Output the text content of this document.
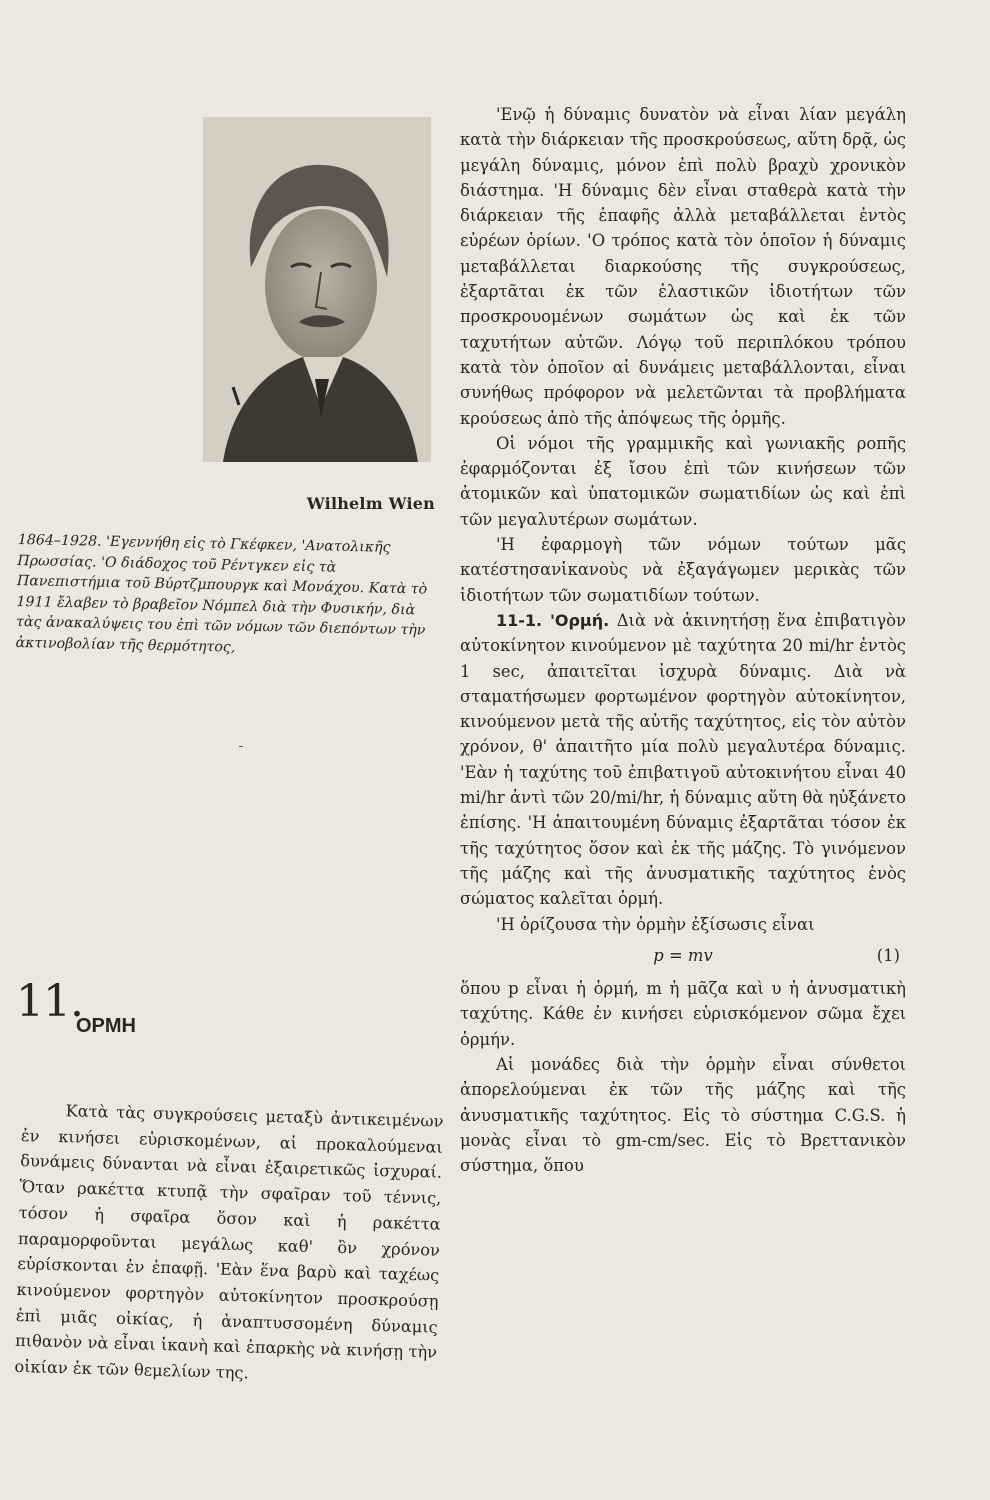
Wilhelm Wien

1864–1928. 'Εγεννήθη εἰς τὸ Γκέφκεν, 'Ανατολικῆς Πρωσσίας. 'Ο διάδοχος τοῦ Ρέντγκεν εἰς τὰ Πανεπιστήμια τοῦ Βύρτζμπουργκ καὶ Μονάχου. Κατὰ τὸ 1911 ἔλαβεν τὸ βραβεῖον Νόμπελ διὰ τὴν Φυσικήν, διὰ τὰς ἀνακαλύψεις του ἐπὶ τῶν νόμων τῶν διεπόντων τὴν ἀκτινοβολίαν τῆς θερμότητος,

11.
ΟΡΜΗ

Κατὰ τὰς συγκρούσεις μεταξὺ ἀντικειμένων ἐν κινήσει εὑρισκομένων, αἱ προκαλούμεναι δυνάμεις δύνανται νὰ εἶναι ἐξαιρετικῶς ἰσχυραί. Ὅταν ρακέττα κτυπᾷ τὴν σφαῖραν τοῦ τέννις, τόσον ἡ σφαῖρα ὅσον καὶ ἡ ρακέττα παραμορφοῦνται μεγάλως καθ' ὃν χρόνον εὑρίσκονται ἐν ἐπαφῇ. 'Εὰν ἕνα βαρὺ καὶ ταχέως κινούμενον φορτηγὸν αὐτοκίνητον προσκρούσῃ ἐπὶ μιᾶς οἰκίας, ἡ ἀναπτυσσομένη δύναμις πιθανὸν νὰ εἶναι ἱκανὴ καὶ ἐπαρκὴς νὰ κινήσῃ τὴν οἰκίαν ἐκ τῶν θεμελίων της.

'Ενῷ ἡ δύναμις δυνατὸν νὰ εἶναι λίαν μεγάλη κατὰ τὴν διάρκειαν τῆς προσκρούσεως, αὕτη δρᾷ, ὡς μεγάλη δύναμις, μόνον ἐπὶ πολὺ βραχὺ χρονικὸν διάστημα. 'Η δύναμις δὲν εἶναι σταθερὰ κατὰ τὴν διάρκειαν τῆς ἐπαφῆς ἀλλὰ μεταβάλλεται ἐντὸς εὐρέων ὁρίων. 'Ο τρόπος κατὰ τὸν ὁποῖον ἡ δύναμις μεταβάλλεται διαρκούσης τῆς συγκρούσεως, ἐξαρτᾶται ἐκ τῶν ἐλαστικῶν ἰδιοτήτων τῶν προσκρουομένων σωμάτων ὡς καὶ ἐκ τῶν ταχυτήτων αὐτῶν. Λόγῳ τοῦ περιπλόκου τρόπου κατὰ τὸν ὁποῖον αἱ δυνάμεις μεταβάλλονται, εἶναι συνήθως πρόφορον νὰ μελετῶνται τὰ προβλήματα κρούσεως ἀπὸ τῆς ἀπόψεως τῆς ὁρμῆς.

Οἱ νόμοι τῆς γραμμικῆς καὶ γωνιακῆς ροπῆς ἐφαρμόζονται ἐξ ἴσου ἐπὶ τῶν κινήσεων τῶν ἀτομικῶν καὶ ὑπατομικῶν σωματιδίων ὡς καὶ ἐπὶ τῶν μεγαλυτέρων σωμάτων.

'Η ἐφαρμογὴ τῶν νόμων τούτων μᾶς κατέστησανἱκανοὺς νὰ ἐξαγάγωμεν μερικὰς τῶν ἰδιοτήτων τῶν σωματιδίων τούτων.

11-1. 'Ορμή. Διὰ νὰ ἀκινητήσῃ ἕνα ἐπιβατιγὸν αὐτοκίνητον κινούμενον μὲ ταχύτητα 20 mi/hr ἐντὸς 1 sec, ἀπαιτεῖται ἰσχυρὰ δύναμις. Διὰ νὰ σταματήσωμεν φορτωμένον φορτηγὸν αὐτοκίνητον, κινούμενον μετὰ τῆς αὐτῆς ταχύτητος, εἰς τὸν αὐτὸν χρόνον, θ' ἀπαιτῆτο μία πολὺ μεγαλυτέρα δύναμις. 'Εὰν ἡ ταχύτης τοῦ ἐπιβατιγοῦ αὐτοκινήτου εἶναι 40 mi/hr ἀντὶ τῶν 20/mi/hr, ἡ δύναμις αὕτη θὰ ηὐξάνετο ἐπίσης. 'Η ἀπαιτουμένη δύναμις ἐξαρτᾶται τόσον ἐκ τῆς ταχύτητος ὅσον καὶ ἐκ τῆς μάζης. Τὸ γινόμενον τῆς μάζης καὶ τῆς ἀνυσματικῆς ταχύτητος ἑνὸς σώματος καλεῖται ὁρμή.

'Η ὁρίζουσα τὴν ὁρμὴν ἐξίσωσις εἶναι

p = mv	(1)

ὅπου p εἶναι ἡ ὁρμή, m ἡ μᾶζα καὶ υ ἡ ἀνυσματικὴ ταχύτης. Κάθε ἐν κινήσει εὑρισκόμενον σῶμα ἔχει ὁρμήν.

Αἱ μονάδες διὰ τὴν ὁρμὴν εἶναι σύνθετοι ἀπορελούμεναι ἐκ τῶν τῆς μάζης καὶ τῆς ἀνυσματικῆς ταχύτητος. Εἰς τὸ σύστημα C.G.S. ἡ μονὰς εἶναι τὸ gm-cm/sec. Εἰς τὸ Βρεττανικὸν σύστημα, ὅπου
